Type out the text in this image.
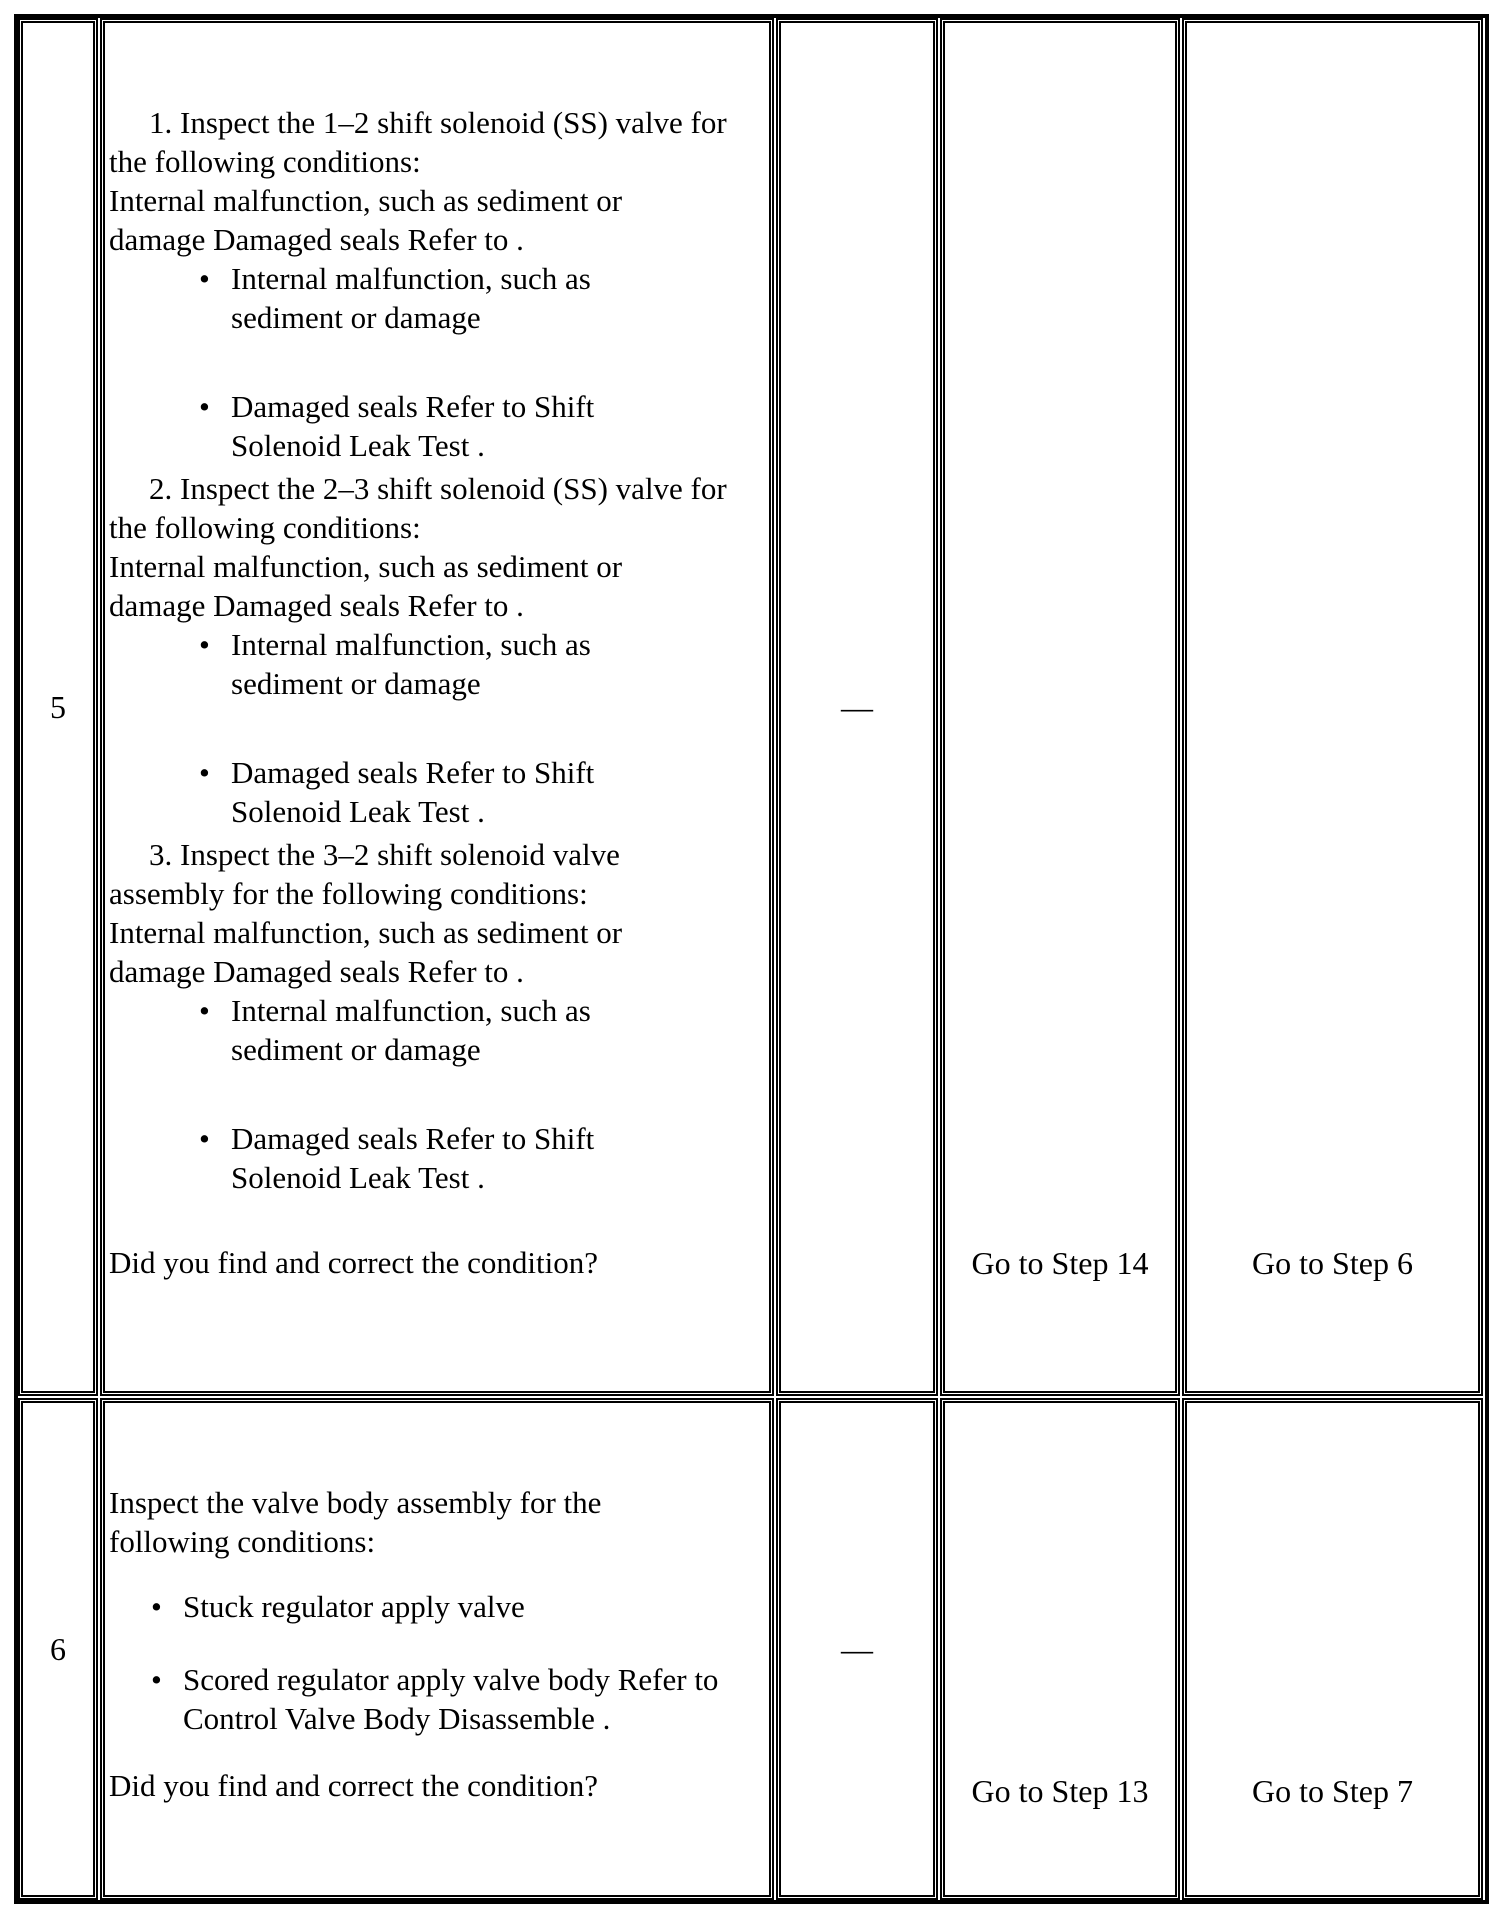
5
1. Inspect the 1–2 shift solenoid (SS) valve for the following conditions:
Internal malfunction, such as sediment or damage Damaged seals Refer to .
• Internal malfunction, such as sediment or damage
• Damaged seals Refer to Shift Solenoid Leak Test .
2. Inspect the 2–3 shift solenoid (SS) valve for the following conditions:
Internal malfunction, such as sediment or damage Damaged seals Refer to .
• Internal malfunction, such as sediment or damage
• Damaged seals Refer to Shift Solenoid Leak Test .
3. Inspect the 3–2 shift solenoid valve assembly for the following conditions:
Internal malfunction, such as sediment or damage Damaged seals Refer to .
• Internal malfunction, such as sediment or damage
• Damaged seals Refer to Shift Solenoid Leak Test .
Did you find and correct the condition?
—
Go to Step 14	Go to Step 6
6
Inspect the valve body assembly for the following conditions:
• Stuck regulator apply valve
• Scored regulator apply valve body Refer to Control Valve Body Disassemble .
Did you find and correct the condition?
—
Go to Step 13	Go to Step 7
